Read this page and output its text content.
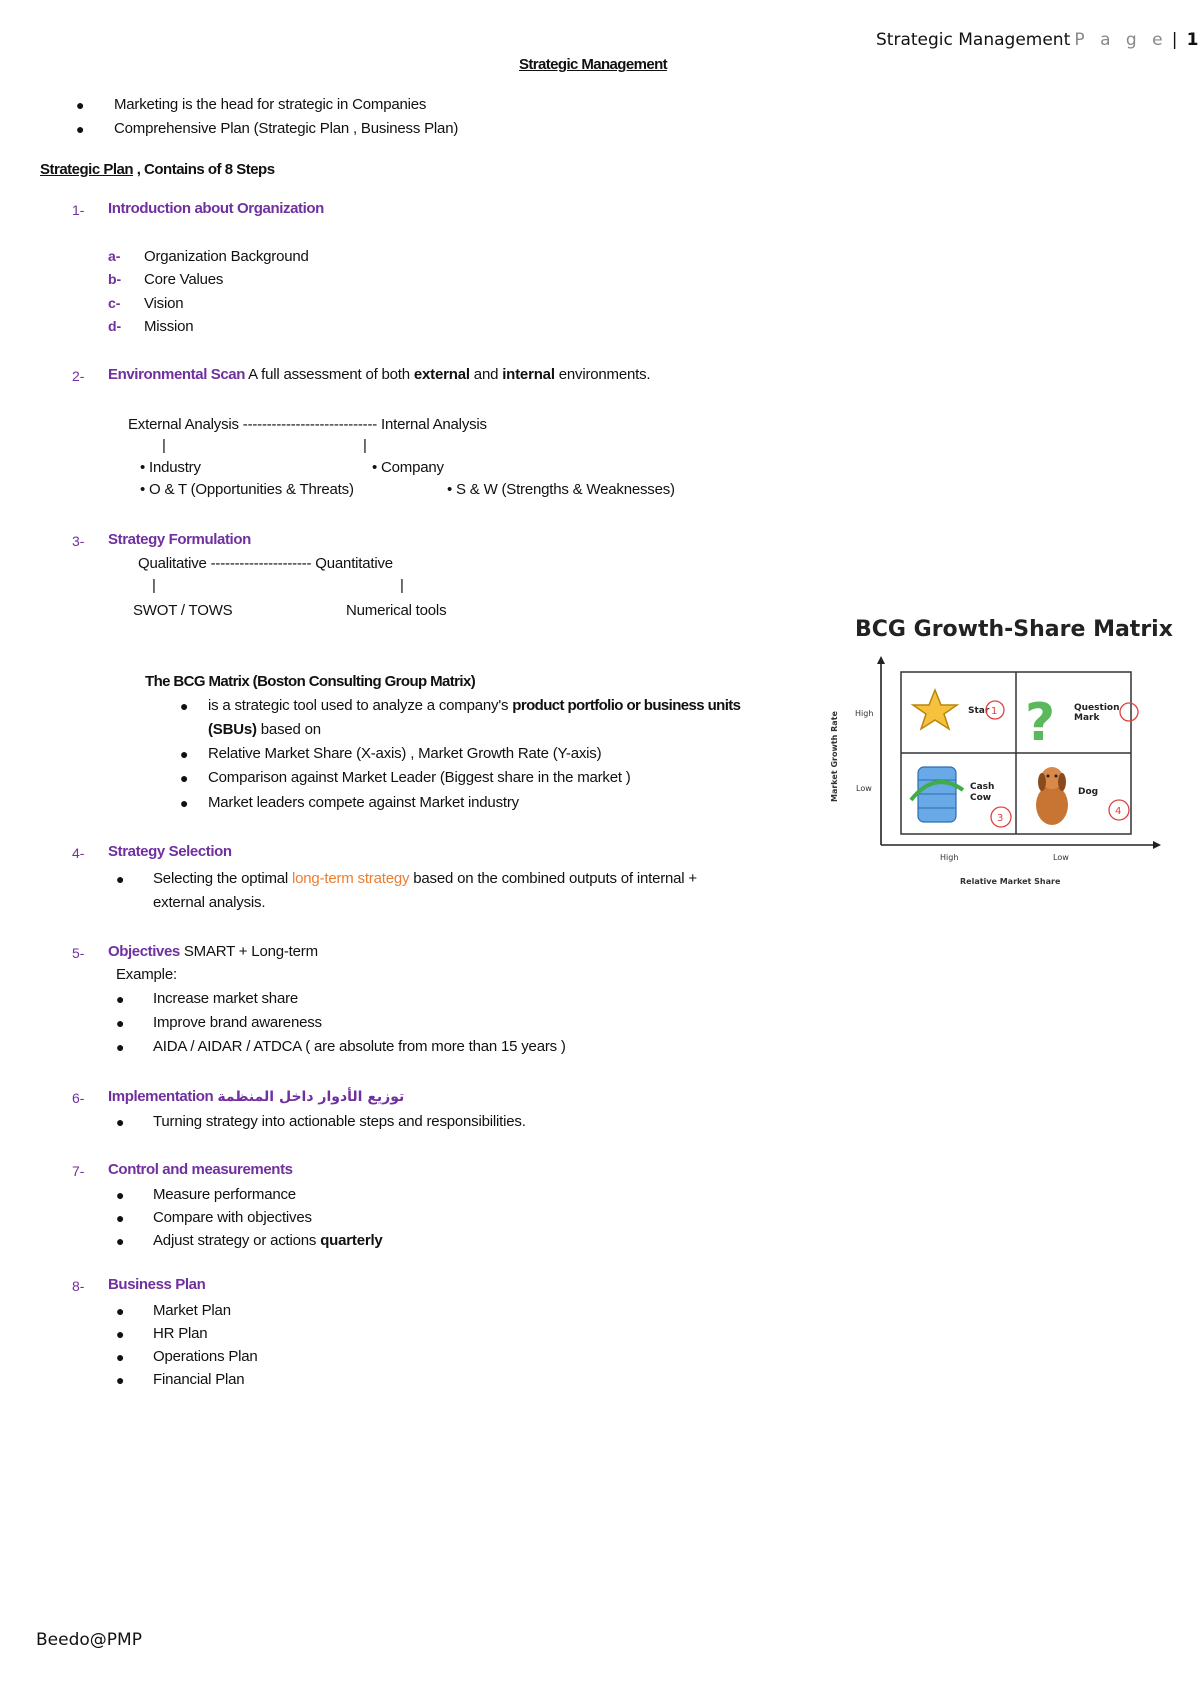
Strategic Management P a g e | 1
Strategic Management
● Marketing is the head for strategic in Companies
● Comprehensive Plan (Strategic Plan , Business Plan)
Strategic Plan , Contains of 8 Steps
1- Introduction about Organization
a- Organization Background
b- Core Values
c- Vision
d- Mission
2- Environmental Scan A full assessment of both external and internal environments.
External Analysis ---------------------------- Internal Analysis
|	|
• Industry	• Company
• O & T (Opportunities & Threats)	• S & W (Strengths & Weaknesses)
3- Strategy Formulation
Qualitative --------------------- Quantitative
|	|
SWOT / TOWS	Numerical tools
The BCG Matrix (Boston Consulting Group Matrix)
● is a strategic tool used to analyze a company's product portfolio or business units
(SBUs) based on
● Relative Market Share (X-axis) , Market Growth Rate (Y-axis)
● Comparison against Market Leader (Biggest share in the market )
● Market leaders compete against Market industry
4- Strategy Selection
● Selecting the optimal long-term strategy based on the combined outputs of internal +
external analysis.
5- Objectives SMART + Long-term
Example:
● Increase market share
● Improve brand awareness
● AIDA / AIDAR / ATDCA ( are absolute from more than 15 years )
6- Implementation توزيع الأدوار داخل المنظمة
● Turning strategy into actionable steps and responsibilities.
7- Control and measurements
● Measure performance
● Compare with objectives
● Adjust strategy or actions quarterly
8- Business Plan
● Market Plan
● HR Plan
● Operations Plan
● Financial Plan
BCG Growth-Share Matrix
Star 1 ? Question
Mark
Cash
Cow
3
Dog
4
High
Low
High	Low
Relative Market Share
Market Growth Rate
Beedo@PMP
